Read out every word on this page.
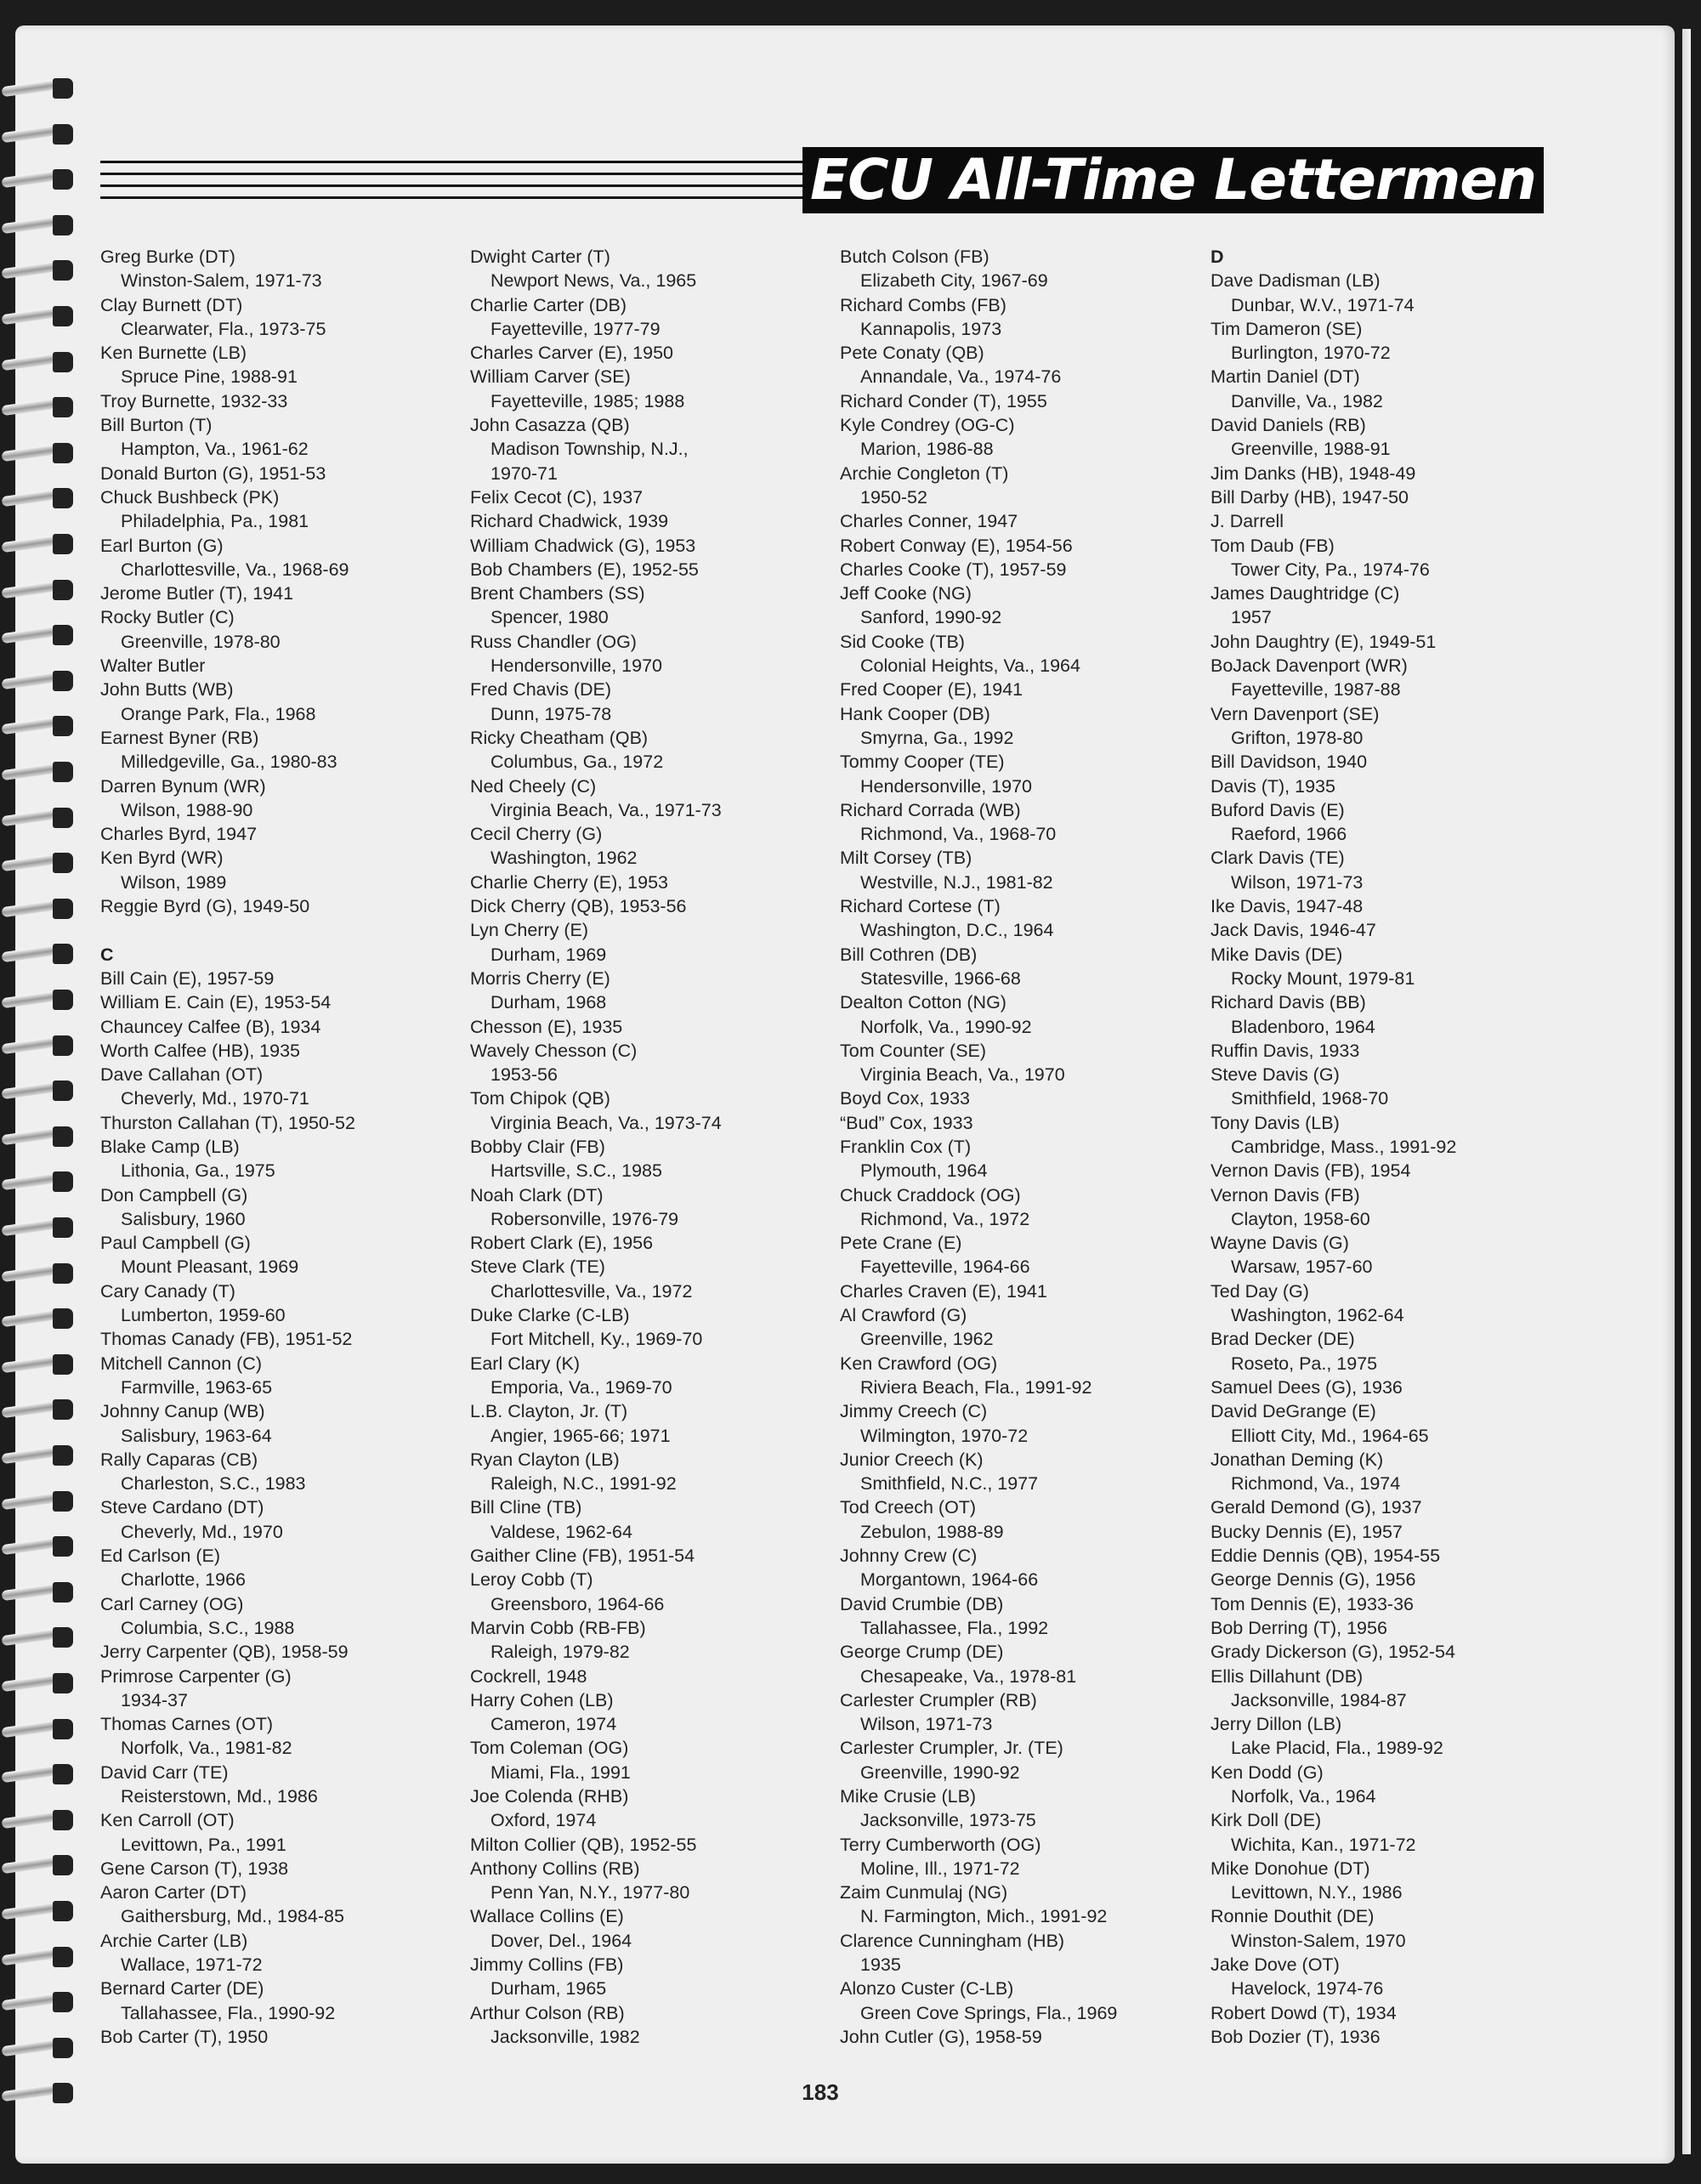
ECU All-Time Lettermen
Greg Burke (DT)
Winston-Salem, 1971-73
Clay Burnett (DT)
Clearwater, Fla., 1973-75
Ken Burnette (LB)
Spruce Pine, 1988-91
Troy Burnette, 1932-33
Bill Burton (T)
Hampton, Va., 1961-62
Donald Burton (G), 1951-53
Chuck Bushbeck (PK)
Philadelphia, Pa., 1981
Earl Burton (G)
Charlottesville, Va., 1968-69
Jerome Butler (T), 1941
Rocky Butler (C)
Greenville, 1978-80
Walter Butler
John Butts (WB)
Orange Park, Fla., 1968
Earnest Byner (RB)
Milledgeville, Ga., 1980-83
Darren Bynum (WR)
Wilson, 1988-90
Charles Byrd, 1947
Ken Byrd (WR)
Wilson, 1989
Reggie Byrd (G), 1949-50
C
Bill Cain (E), 1957-59
William E. Cain (E), 1953-54
Chauncey Calfee (B), 1934
Worth Calfee (HB), 1935
Dave Callahan (OT)
Cheverly, Md., 1970-71
Thurston Callahan (T), 1950-52
Blake Camp (LB)
Lithonia, Ga., 1975
Don Campbell (G)
Salisbury, 1960
Paul Campbell (G)
Mount Pleasant, 1969
Cary Canady (T)
Lumberton, 1959-60
Thomas Canady (FB), 1951-52
Mitchell Cannon (C)
Farmville, 1963-65
Johnny Canup (WB)
Salisbury, 1963-64
Rally Caparas (CB)
Charleston, S.C., 1983
Steve Cardano (DT)
Cheverly, Md., 1970
Ed Carlson (E)
Charlotte, 1966
Carl Carney (OG)
Columbia, S.C., 1988
Jerry Carpenter (QB), 1958-59
Primrose Carpenter (G)
1934-37
Thomas Carnes (OT)
Norfolk, Va., 1981-82
David Carr (TE)
Reisterstown, Md., 1986
Ken Carroll (OT)
Levittown, Pa., 1991
Gene Carson (T), 1938
Aaron Carter (DT)
Gaithersburg, Md., 1984-85
Archie Carter (LB)
Wallace, 1971-72
Bernard Carter (DE)
Tallahassee, Fla., 1990-92
Bob Carter (T), 1950
Dwight Carter (T)
Newport News, Va., 1965
Charlie Carter (DB)
Fayetteville, 1977-79
Charles Carver (E), 1950
William Carver (SE)
Fayetteville, 1985; 1988
John Casazza (QB)
Madison Township, N.J.,
1970-71
Felix Cecot (C), 1937
Richard Chadwick, 1939
William Chadwick (G), 1953
Bob Chambers (E), 1952-55
Brent Chambers (SS)
Spencer, 1980
Russ Chandler (OG)
Hendersonville, 1970
Fred Chavis (DE)
Dunn, 1975-78
Ricky Cheatham (QB)
Columbus, Ga., 1972
Ned Cheely (C)
Virginia Beach, Va., 1971-73
Cecil Cherry (G)
Washington, 1962
Charlie Cherry (E), 1953
Dick Cherry (QB), 1953-56
Lyn Cherry (E)
Durham, 1969
Morris Cherry (E)
Durham, 1968
Chesson (E), 1935
Wavely Chesson (C)
1953-56
Tom Chipok (QB)
Virginia Beach, Va., 1973-74
Bobby Clair (FB)
Hartsville, S.C., 1985
Noah Clark (DT)
Robersonville, 1976-79
Robert Clark (E), 1956
Steve Clark (TE)
Charlottesville, Va., 1972
Duke Clarke (C-LB)
Fort Mitchell, Ky., 1969-70
Earl Clary (K)
Emporia, Va., 1969-70
L.B. Clayton, Jr. (T)
Angier, 1965-66; 1971
Ryan Clayton (LB)
Raleigh, N.C., 1991-92
Bill Cline (TB)
Valdese, 1962-64
Gaither Cline (FB), 1951-54
Leroy Cobb (T)
Greensboro, 1964-66
Marvin Cobb (RB-FB)
Raleigh, 1979-82
Cockrell, 1948
Harry Cohen (LB)
Cameron, 1974
Tom Coleman (OG)
Miami, Fla., 1991
Joe Colenda (RHB)
Oxford, 1974
Milton Collier (QB), 1952-55
Anthony Collins (RB)
Penn Yan, N.Y., 1977-80
Wallace Collins (E)
Dover, Del., 1964
Jimmy Collins (FB)
Durham, 1965
Arthur Colson (RB)
Jacksonville, 1982
Butch Colson (FB)
Elizabeth City, 1967-69
Richard Combs (FB)
Kannapolis, 1973
Pete Conaty (QB)
Annandale, Va., 1974-76
Richard Conder (T), 1955
Kyle Condrey (OG-C)
Marion, 1986-88
Archie Congleton (T)
1950-52
Charles Conner, 1947
Robert Conway (E), 1954-56
Charles Cooke (T), 1957-59
Jeff Cooke (NG)
Sanford, 1990-92
Sid Cooke (TB)
Colonial Heights, Va., 1964
Fred Cooper (E), 1941
Hank Cooper (DB)
Smyrna, Ga., 1992
Tommy Cooper (TE)
Hendersonville, 1970
Richard Corrada (WB)
Richmond, Va., 1968-70
Milt Corsey (TB)
Westville, N.J., 1981-82
Richard Cortese (T)
Washington, D.C., 1964
Bill Cothren (DB)
Statesville, 1966-68
Dealton Cotton (NG)
Norfolk, Va., 1990-92
Tom Counter (SE)
Virginia Beach, Va., 1970
Boyd Cox, 1933
“Bud” Cox, 1933
Franklin Cox (T)
Plymouth, 1964
Chuck Craddock (OG)
Richmond, Va., 1972
Pete Crane (E)
Fayetteville, 1964-66
Charles Craven (E), 1941
Al Crawford (G)
Greenville, 1962
Ken Crawford (OG)
Riviera Beach, Fla., 1991-92
Jimmy Creech (C)
Wilmington, 1970-72
Junior Creech (K)
Smithfield, N.C., 1977
Tod Creech (OT)
Zebulon, 1988-89
Johnny Crew (C)
Morgantown, 1964-66
David Crumbie (DB)
Tallahassee, Fla., 1992
George Crump (DE)
Chesapeake, Va., 1978-81
Carlester Crumpler (RB)
Wilson, 1971-73
Carlester Crumpler, Jr. (TE)
Greenville, 1990-92
Mike Crusie (LB)
Jacksonville, 1973-75
Terry Cumberworth (OG)
Moline, Ill., 1971-72
Zaim Cunmulaj (NG)
N. Farmington, Mich., 1991-92
Clarence Cunningham (HB)
1935
Alonzo Custer (C-LB)
Green Cove Springs, Fla., 1969
John Cutler (G), 1958-59
D
Dave Dadisman (LB)
Dunbar, W.V., 1971-74
Tim Dameron (SE)
Burlington, 1970-72
Martin Daniel (DT)
Danville, Va., 1982
David Daniels (RB)
Greenville, 1988-91
Jim Danks (HB), 1948-49
Bill Darby (HB), 1947-50
J. Darrell
Tom Daub (FB)
Tower City, Pa., 1974-76
James Daughtridge (C)
1957
John Daughtry (E), 1949-51
BoJack Davenport (WR)
Fayetteville, 1987-88
Vern Davenport (SE)
Grifton, 1978-80
Bill Davidson, 1940
Davis (T), 1935
Buford Davis (E)
Raeford, 1966
Clark Davis (TE)
Wilson, 1971-73
Ike Davis, 1947-48
Jack Davis, 1946-47
Mike Davis (DE)
Rocky Mount, 1979-81
Richard Davis (BB)
Bladenboro, 1964
Ruffin Davis, 1933
Steve Davis (G)
Smithfield, 1968-70
Tony Davis (LB)
Cambridge, Mass., 1991-92
Vernon Davis (FB), 1954
Vernon Davis (FB)
Clayton, 1958-60
Wayne Davis (G)
Warsaw, 1957-60
Ted Day (G)
Washington, 1962-64
Brad Decker (DE)
Roseto, Pa., 1975
Samuel Dees (G), 1936
David DeGrange (E)
Elliott City, Md., 1964-65
Jonathan Deming (K)
Richmond, Va., 1974
Gerald Demond (G), 1937
Bucky Dennis (E), 1957
Eddie Dennis (QB), 1954-55
George Dennis (G), 1956
Tom Dennis (E), 1933-36
Bob Derring (T), 1956
Grady Dickerson (G), 1952-54
Ellis Dillahunt (DB)
Jacksonville, 1984-87
Jerry Dillon (LB)
Lake Placid, Fla., 1989-92
Ken Dodd (G)
Norfolk, Va., 1964
Kirk Doll (DE)
Wichita, Kan., 1971-72
Mike Donohue (DT)
Levittown, N.Y., 1986
Ronnie Douthit (DE)
Winston-Salem, 1970
Jake Dove (OT)
Havelock, 1974-76
Robert Dowd (T), 1934
Bob Dozier (T), 1936
183
